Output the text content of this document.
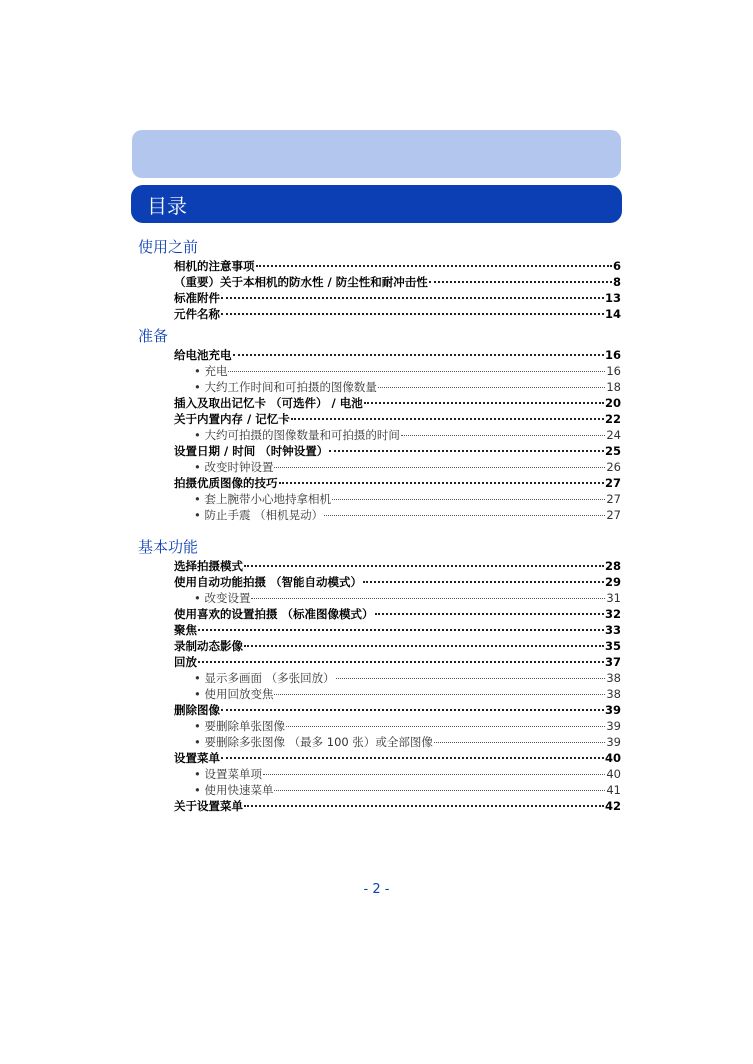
目录
使用之前
相机的注意事项	6
（重要）关于本相机的防水性 / 防尘性和耐冲击性	8
标准附件	13
元件名称	14
准备
给电池充电	16
• 充电	16
• 大约工作时间和可拍摄的图像数量	18
插入及取出记忆卡 （可选件） / 电池	20
关于内置内存 / 记忆卡	22
• 大约可拍摄的图像数量和可拍摄的时间	24
设置日期 / 时间 （时钟设置）	25
• 改变时钟设置	26
拍摄优质图像的技巧	27
• 套上腕带小心地持拿相机	27
• 防止手震 （相机晃动）	27
基本功能
选择拍摄模式	28
使用自动功能拍摄 （智能自动模式）	29
• 改变设置	31
使用喜欢的设置拍摄 （标准图像模式）	32
聚焦	33
录制动态影像	35
回放	37
• 显示多画面 （多张回放）	38
• 使用回放变焦	38
删除图像	39
• 要删除单张图像	39
• 要删除多张图像 （最多 100 张）或全部图像	39
设置菜单	40
• 设置菜单项	40
• 使用快速菜单	41
关于设置菜单	42
- 2 -
